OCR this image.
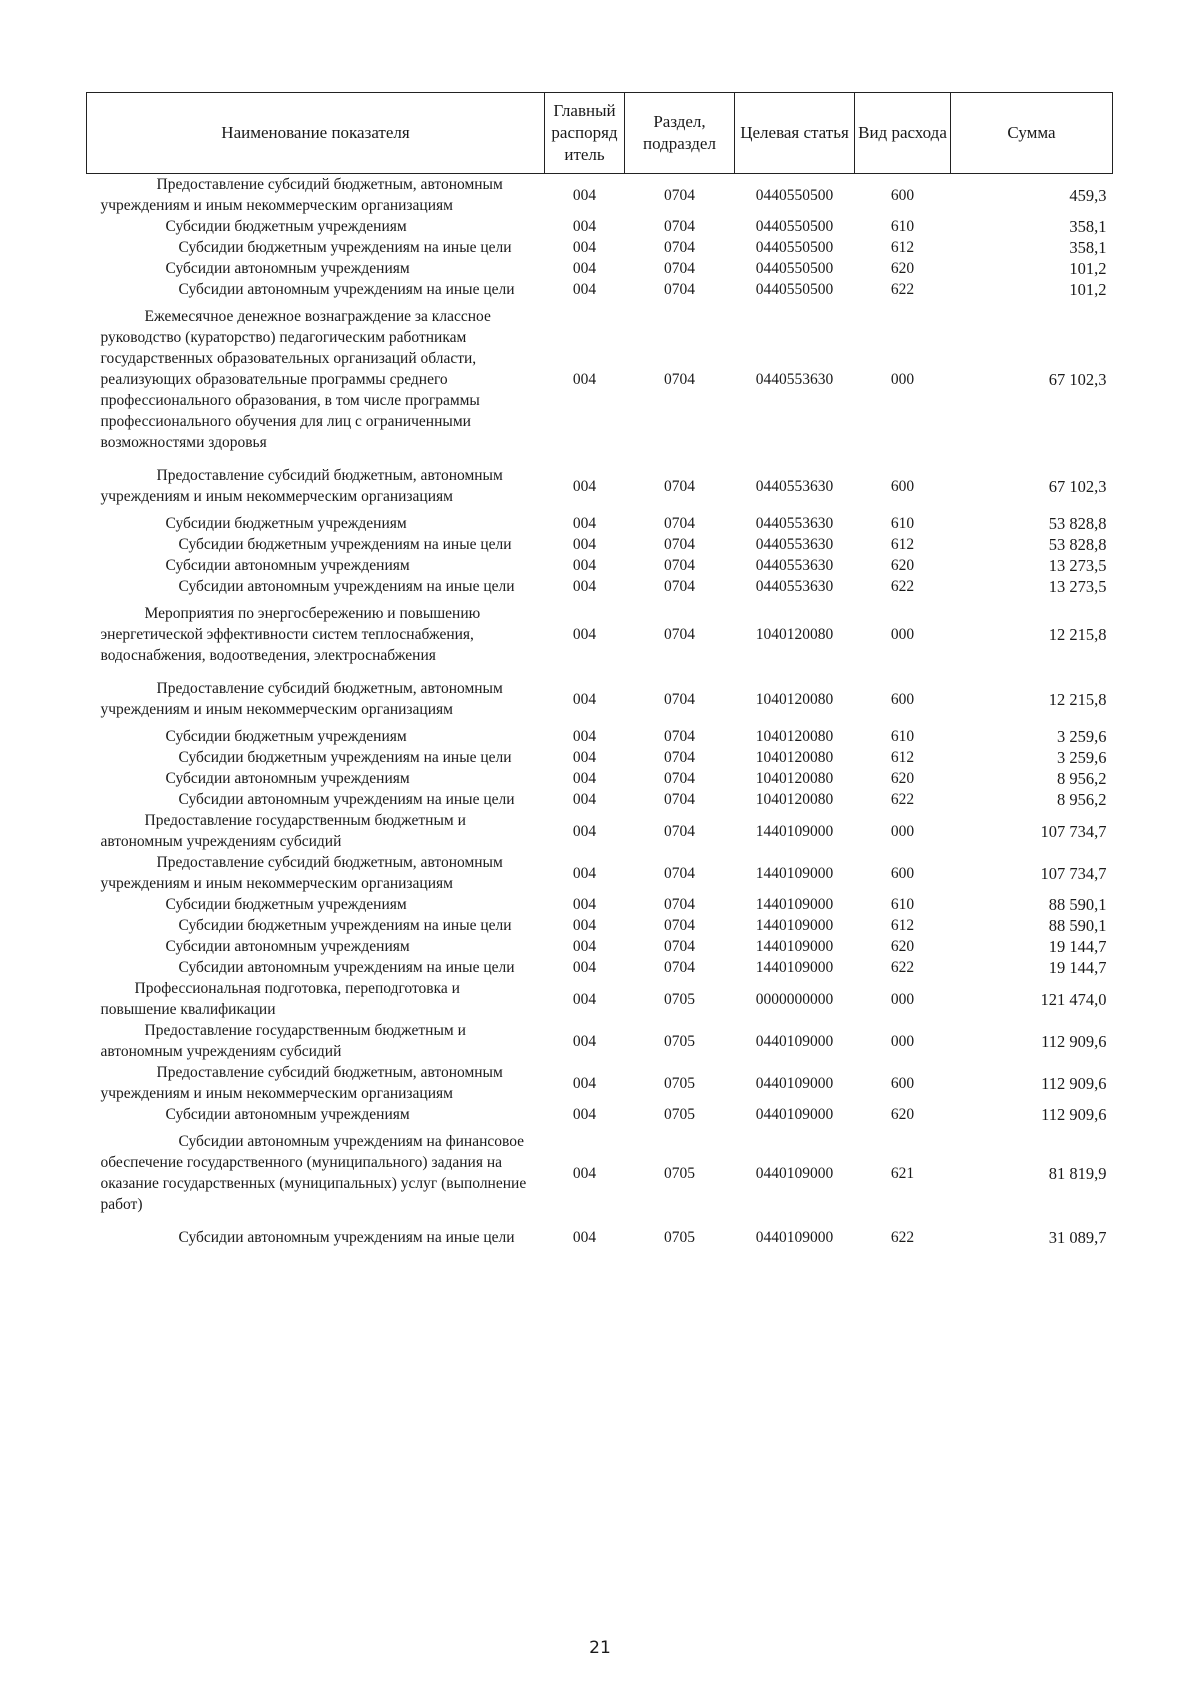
Наименование показателя	Главный распоряд итель	Раздел, подраздел	Целевая статья	Вид расхода	Сумма
Предоставление субсидий бюджетным, автономным учреждениям и иным некоммерческим организациям	004	0704	0440550500	600	459,3
Субсидии бюджетным учреждениям	004	0704	0440550500	610	358,1
Субсидии бюджетным учреждениям на иные цели	004	0704	0440550500	612	358,1
Субсидии автономным учреждениям	004	0704	0440550500	620	101,2
Субсидии автономным учреждениям на иные цели	004	0704	0440550500	622	101,2
Ежемесячное денежное вознаграждение за классное руководство (кураторство) педагогическим работникам государственных образовательных организаций области, реализующих образовательные программы среднего профессионального образования, в том числе программы профессионального обучения для лиц с ограниченными возможностями здоровья	004	0704	0440553630	000	67 102,3
Предоставление субсидий бюджетным, автономным учреждениям и иным некоммерческим организациям	004	0704	0440553630	600	67 102,3
Субсидии бюджетным учреждениям	004	0704	0440553630	610	53 828,8
Субсидии бюджетным учреждениям на иные цели	004	0704	0440553630	612	53 828,8
Субсидии автономным учреждениям	004	0704	0440553630	620	13 273,5
Субсидии автономным учреждениям на иные цели	004	0704	0440553630	622	13 273,5
Мероприятия по энергосбережению и повышению энергетической эффективности систем теплоснабжения, водоснабжения, водоотведения, электроснабжения	004	0704	1040120080	000	12 215,8
Предоставление субсидий бюджетным, автономным учреждениям и иным некоммерческим организациям	004	0704	1040120080	600	12 215,8
Субсидии бюджетным учреждениям	004	0704	1040120080	610	3 259,6
Субсидии бюджетным учреждениям на иные цели	004	0704	1040120080	612	3 259,6
Субсидии автономным учреждениям	004	0704	1040120080	620	8 956,2
Субсидии автономным учреждениям на иные цели	004	0704	1040120080	622	8 956,2
Предоставление государственным бюджетным и автономным учреждениям субсидий	004	0704	1440109000	000	107 734,7
Предоставление субсидий бюджетным, автономным учреждениям и иным некоммерческим организациям	004	0704	1440109000	600	107 734,7
Субсидии бюджетным учреждениям	004	0704	1440109000	610	88 590,1
Субсидии бюджетным учреждениям на иные цели	004	0704	1440109000	612	88 590,1
Субсидии автономным учреждениям	004	0704	1440109000	620	19 144,7
Субсидии автономным учреждениям на иные цели	004	0704	1440109000	622	19 144,7
Профессиональная подготовка, переподготовка и повышение квалификации	004	0705	0000000000	000	121 474,0
Предоставление государственным бюджетным и автономным учреждениям субсидий	004	0705	0440109000	000	112 909,6
Предоставление субсидий бюджетным, автономным учреждениям и иным некоммерческим организациям	004	0705	0440109000	600	112 909,6
Субсидии автономным учреждениям	004	0705	0440109000	620	112 909,6
Субсидии автономным учреждениям на финансовое обеспечение государственного (муниципального) задания на оказание государственных (муниципальных) услуг (выполнение работ)	004	0705	0440109000	621	81 819,9
Субсидии автономным учреждениям на иные цели	004	0705	0440109000	622	31 089,7
21
